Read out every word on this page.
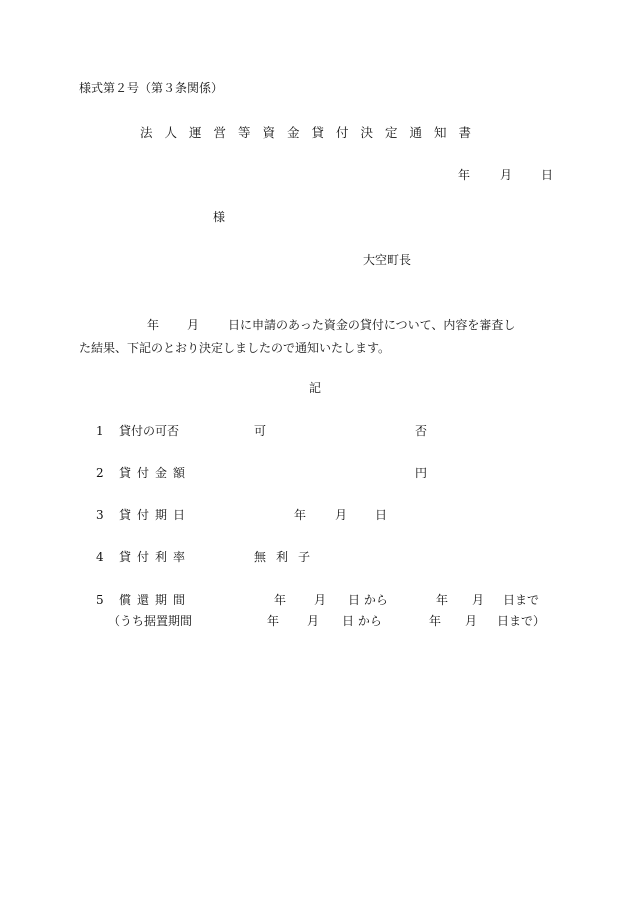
様式第２号（第３条関係）
法人運営等資金貸付決定通知書
年 月 日
様
大空町長
年 月 日に申請のあった資金の貸付について、内容を審査し
た結果、下記のとおり決定しましたので通知いたします。
記
1 貸付の可否	可	否
2 貸付金額	円
3 貸付期日	年 月 日
4 貸付利率	無利子
5 償還期間	年 月 日 から	年 月 日まで
（うち据置期間	年 月 日 から	年 月 日まで）
